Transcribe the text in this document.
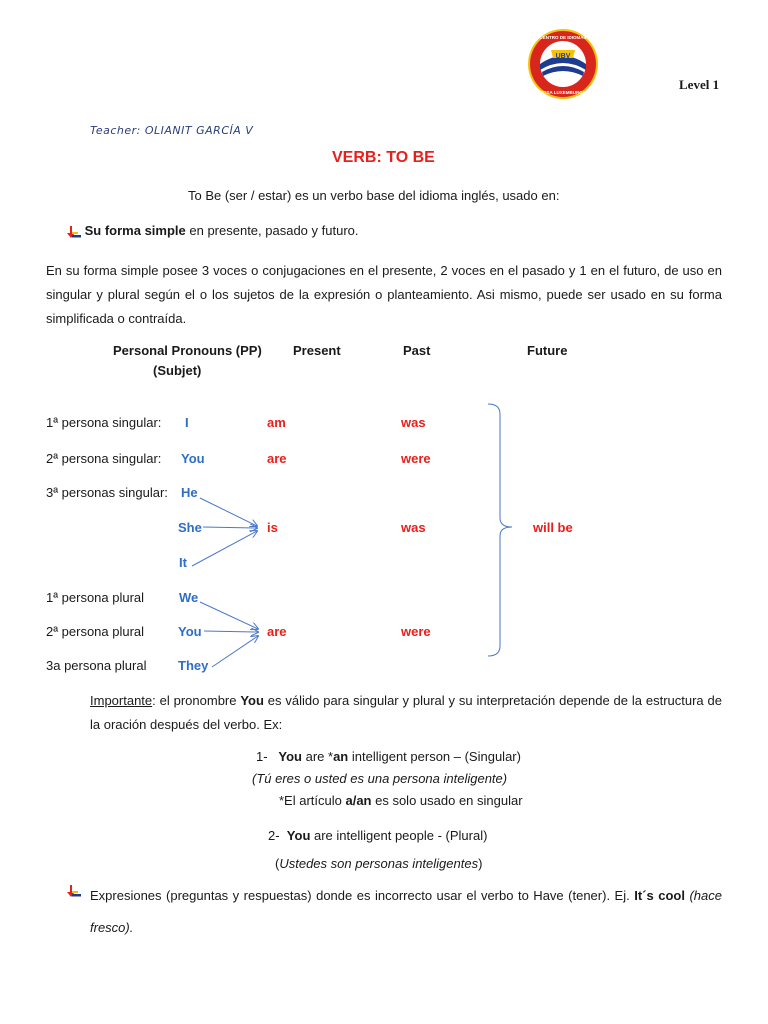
UBV
CENTRO DE IDIOMAS
ROSA LUXEMBURGO
Level 1
Teacher: OLIANIT GARCÍA V
VERB: TO BE
To Be (ser / estar) es un verbo base del idioma inglés, usado en:
Su forma simple en presente, pasado y futuro.
En su forma simple posee 3 voces o conjugaciones en el presente, 2 voces en el pasado y 1 en el futuro, de uso en singular y plural según el o los sujetos de la expresión o planteamiento. Asi mismo, puede ser usado en su forma simplificada o contraída.
Personal Pronouns (PP)
(Subjet)
Present	Past	Future
1ª persona singular: I	am	was
2ª persona singular: You	are	were
3ª personas singular: He
She	is	was
It
1ª persona plural	We
2ª persona plural	You	are	were
3a persona plural They
will be
Importante: el pronombre You es válido para singular y plural y su interpretación depende de la estructura de la oración después del verbo. Ex:
1- You are *an intelligent person – (Singular)
(Tú eres o usted es una persona inteligente)
*El artículo a/an es solo usado en singular
2- You are intelligent people - (Plural)
(Ustedes son personas inteligentes)
Expresiones (preguntas y respuestas) donde es incorrecto usar el verbo to Have (tener). Ej. It´s cool (hace fresco).
